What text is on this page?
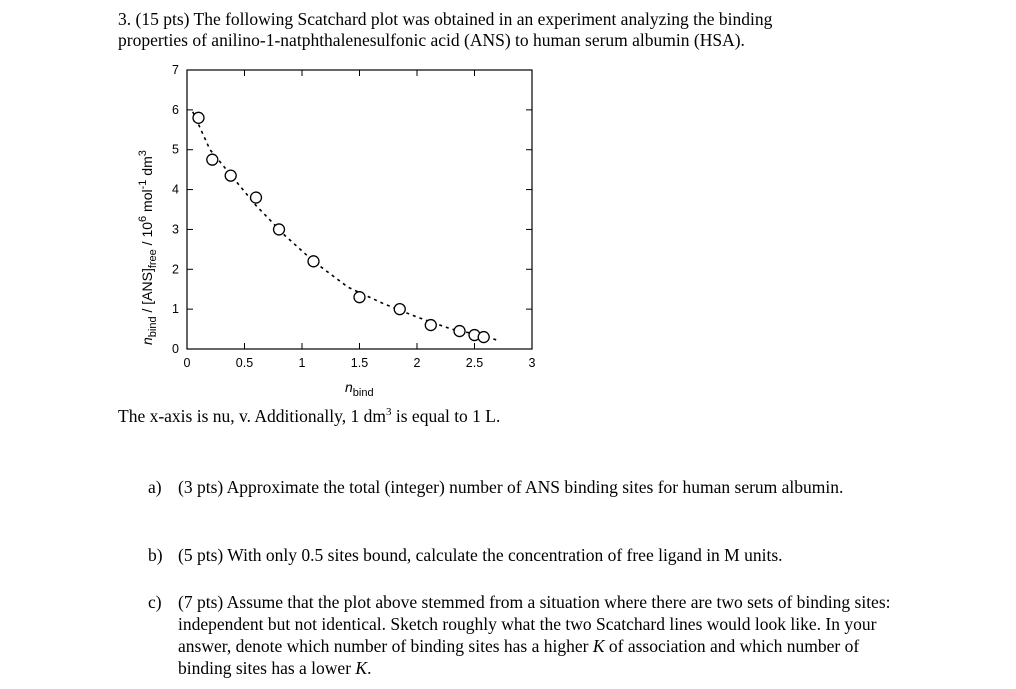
3. (15 pts) The following Scatchard plot was obtained in an experiment analyzing the binding
properties of anilino-1-natphthalenesulfonic acid (ANS) to human serum albumin (HSA).
0	0.5	1	1.5	2	2.5	3
0
1
2
3
4
5
6
7
$n_{bind}$
$n_{bind} / [ANS]_{free} / 10^6$ mol$^{-1}$ $dm^3$
The x-axis is nu, v. Additionally, 1 $dm^3$ is equal to 1 L.
a) (3 pts) Approximate the total (integer) number of ANS binding sites for human serum albumin.
b) (5 pts) With only 0.5 sites bound, calculate the concentration of free ligand in M units.
c) (7 pts) Assume that the plot above stemmed from a situation where there are two sets of binding sites: independent but not identical. Sketch roughly what the two Scatchard lines would look like. In your answer, denote which number of binding sites has a higher K of association and which number of binding sites has a lower K.
